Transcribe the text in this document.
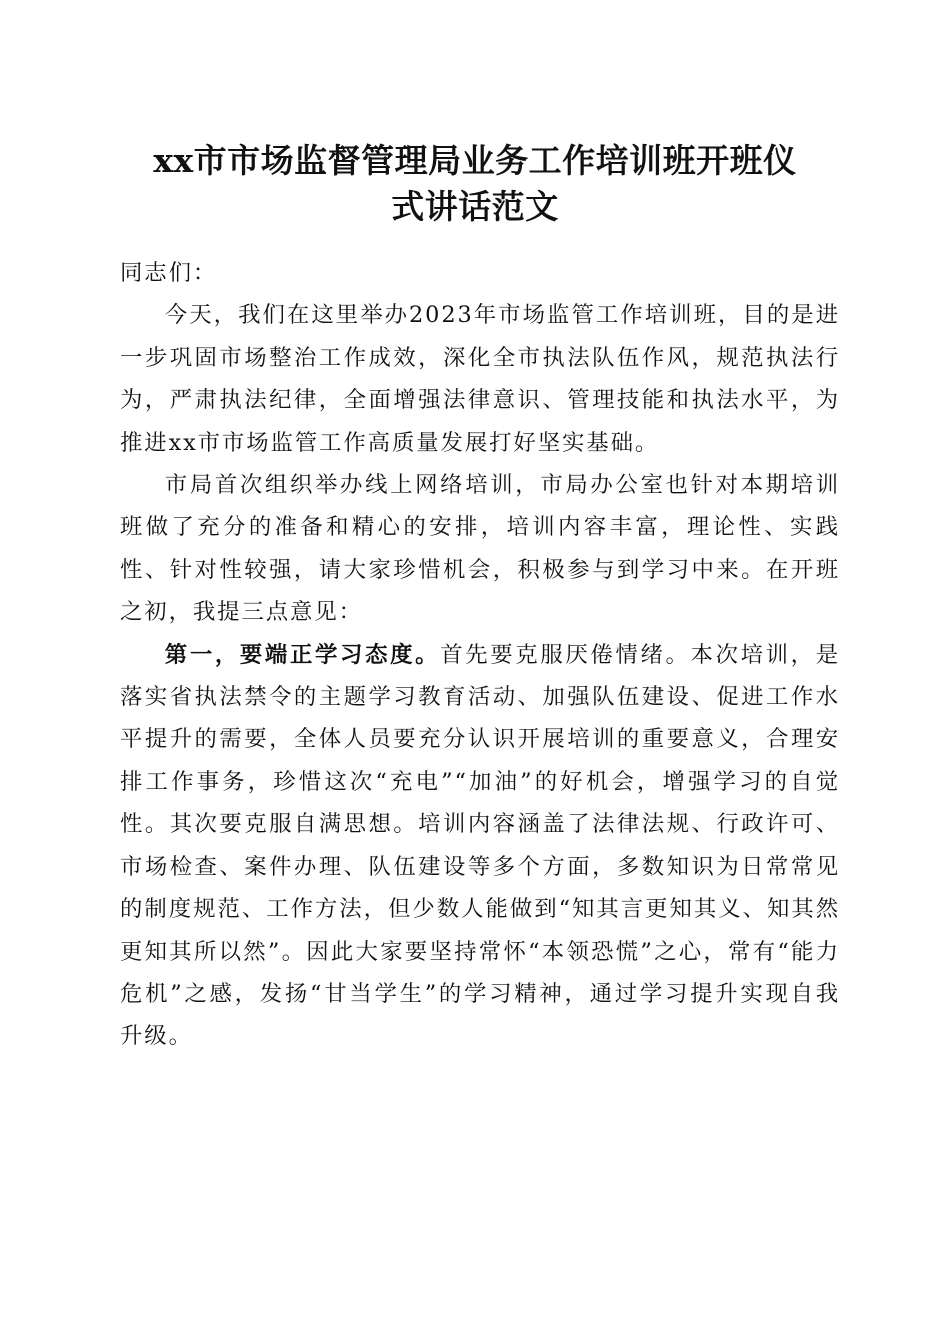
xx市市场监督管理局业务工作培训班开班仪
式讲话范文

同志们：

今天，我们在这里举办2023年市场监管工作培训班，目的是进一步巩固市场整治工作成效，深化全市执法队伍作风，规范执法行为，严肃执法纪律，全面增强法律意识、管理技能和执法水平，为推进xx市市场监管工作高质量发展打好坚实基础。

市局首次组织举办线上网络培训，市局办公室也针对本期培训班做了充分的准备和精心的安排，培训内容丰富，理论性、实践性、针对性较强，请大家珍惜机会，积极参与到学习中来。在开班之初，我提三点意见：

第一，要端正学习态度。首先要克服厌倦情绪。本次培训，是落实省执法禁令的主题学习教育活动、加强队伍建设、促进工作水平提升的需要，全体人员要充分认识开展培训的重要意义，合理安排工作事务，珍惜这次“充电”“加油”的好机会，增强学习的自觉性。其次要克服自满思想。培训内容涵盖了法律法规、行政许可、市场检查、案件办理、队伍建设等多个方面，多数知识为日常常见的制度规范、工作方法，但少数人能做到“知其言更知其义、知其然更知其所以然”。因此大家要坚持常怀“本领恐慌”之心，常有“能力危机”之感，发扬“甘当学生”的学习精神，通过学习提升实现自我升级。
